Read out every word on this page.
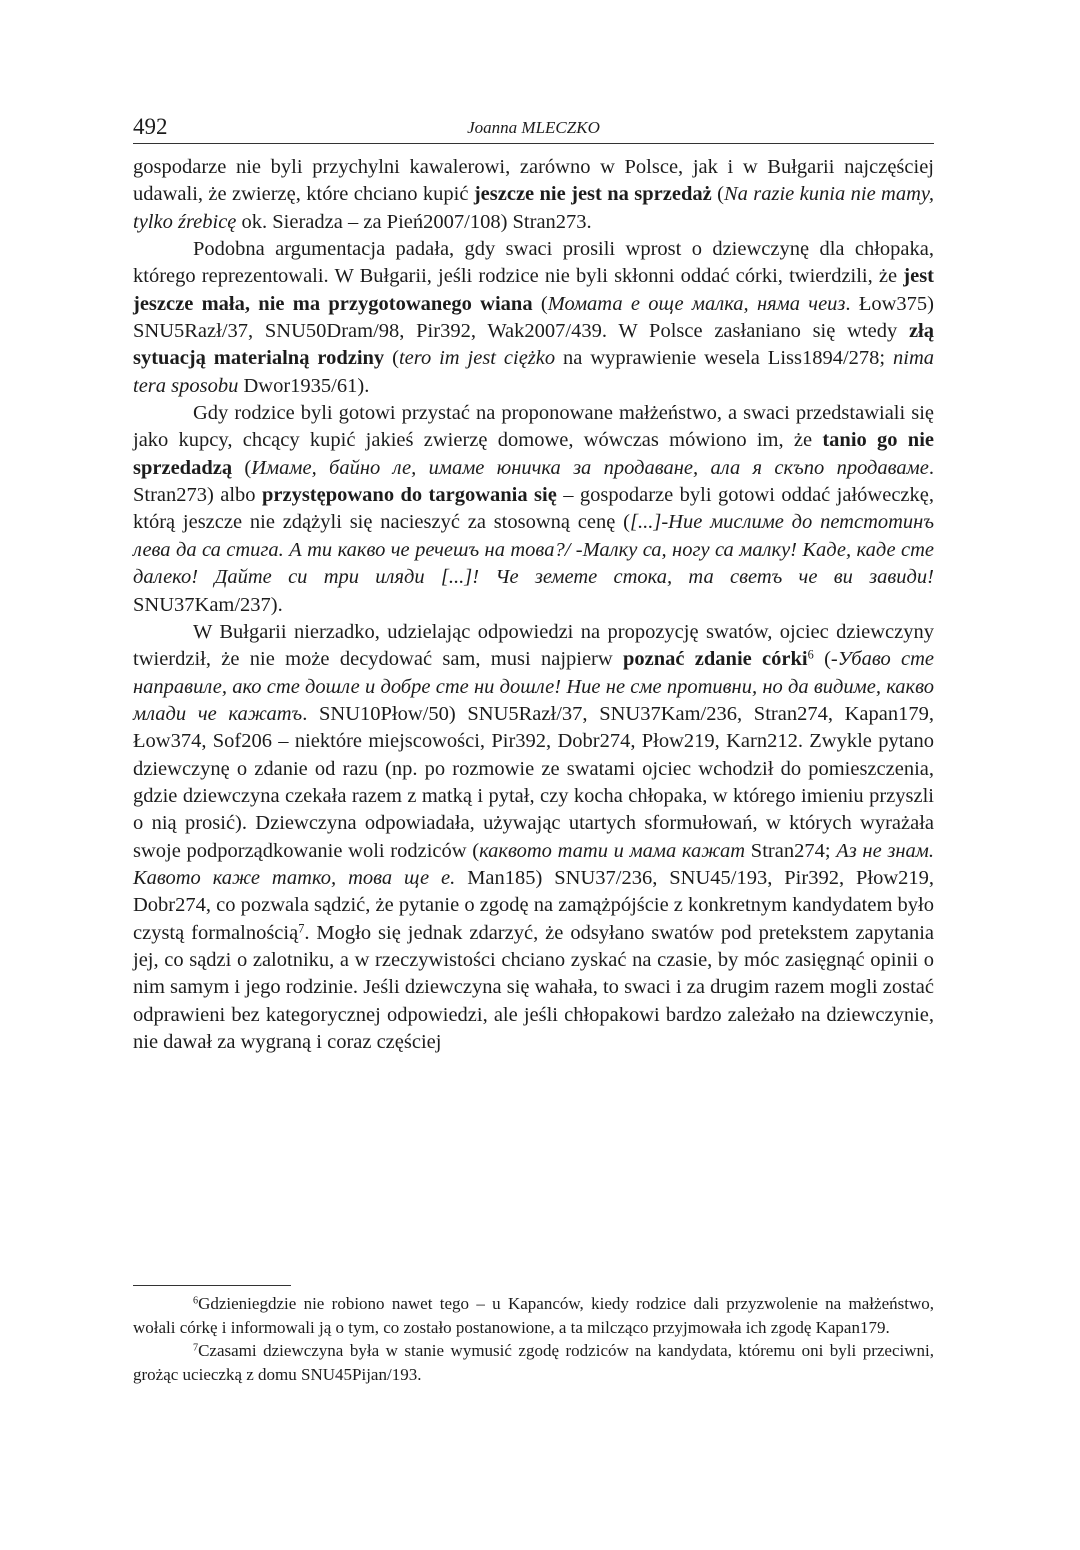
492	Joanna MLECZKO

gospodarze nie byli przychylni kawalerowi, zarówno w Polsce, jak i w Bułgarii najczęściej udawali, że zwierzę, które chciano kupić jeszcze nie jest na sprzedaż (Na razie kunia nie mamy, tylko źrebicę ok. Sieradza – za Pień2007/108) Stran273.

Podobna argumentacja padała, gdy swaci prosili wprost o dziewczynę dla chłopaka, którego reprezentowali. W Bułgarii, jeśli rodzice nie byli skłonni oddać córki, twierdzili, że jest jeszcze mała, nie ma przygotowanego wiana (Момата е още малка, няма чеиз. Łow375) SNU5Razł/37, SNU50Dram/98, Pir392, Wak2007/439. W Polsce zasłaniano się wtedy złą sytuacją materialną rodziny (tero im jest ciężko na wyprawienie wesela Liss1894/278; nima tera sposobu Dwor1935/61).

Gdy rodzice byli gotowi przystać na proponowane małżeństwo, a swaci przedstawiali się jako kupcy, chcący kupić jakieś zwierzę domowe, wówczas mówiono im, że tanio go nie sprzedadzą (Имаме, байно ле, имаме юничка за продаване, ала я скъпо продаваме. Stran273) albo przystępowano do targowania się – gospodarze byli gotowi oddać jałóweczkę, którą jeszcze nie zdążyli się nacieszyć za stosowną cenę ([...]-Ние мислиме до петстотинъ лева да са стига. А ти какво че речешъ на това?/ -Малку са, ногу са малку! Каде, каде сте далеко! Дайте си три иляди [...]! Че земете стока, та светъ че ви завиди! SNU37Kam/237).

W Bułgarii nierzadko, udzielając odpowiedzi na propozycję swatów, ojciec dziewczyny twierdził, że nie może decydować sam, musi najpierw poznać zdanie córki$^6$ (-Убаво сте направиле, ако сте дошле и добре сте ни дошле! Ние не сме противни, но да видиме, какво млади че кажатъ. SNU10Płow/50) SNU5Razł/37, SNU37Kam/236, Stran274, Kapan179, Łow374, Sof206 – niektóre miejscowości, Pir392, Dobr274, Płow219, Karn212. Zwykle pytano dziewczynę o zdanie od razu (np. po rozmowie ze swatami ojciec wchodził do pomieszczenia, gdzie dziewczyna czekała razem z matką i pytał, czy kocha chłopaka, w którego imieniu przyszli o nią prosić). Dziewczyna odpowiadała, używając utartych sformułowań, w których wyrażała swoje podporządkowanie woli rodziców (каквото тати и мама кажат Stran274; Аз не знам. Кавото каже татко, това ще е. Man185) SNU37/236, SNU45/193, Pir392, Płow219, Dobr274, co pozwala sądzić, że pytanie o zgodę na zamążpójście z konkretnym kandydatem było czystą formalnością$^7$. Mogło się jednak zdarzyć, że odsyłano swatów pod pretekstem zapytania jej, co sądzi o zalotniku, a w rzeczywistości chciano zyskać na czasie, by móc zasięgnąć opinii o nim samym i jego rodzinie. Jeśli dziewczyna się wahała, to swaci i za drugim razem mogli zostać odprawieni bez kategorycznej odpowiedzi, ale jeśli chłopakowi bardzo zależało na dziewczynie, nie dawał za wygraną i coraz częściej

$^6$Gdzieniegdzie nie robiono nawet tego – u Kapanców, kiedy rodzice dali przyzwolenie na małżeństwo, wołali córkę i informowali ją o tym, co zostało postanowione, a ta milcząco przyjmowała ich zgodę Kapan179.

$^7$Czasami dziewczyna była w stanie wymusić zgodę rodziców na kandydata, któremu oni byli przeciwni, grożąc ucieczką z domu SNU45Pijan/193.
